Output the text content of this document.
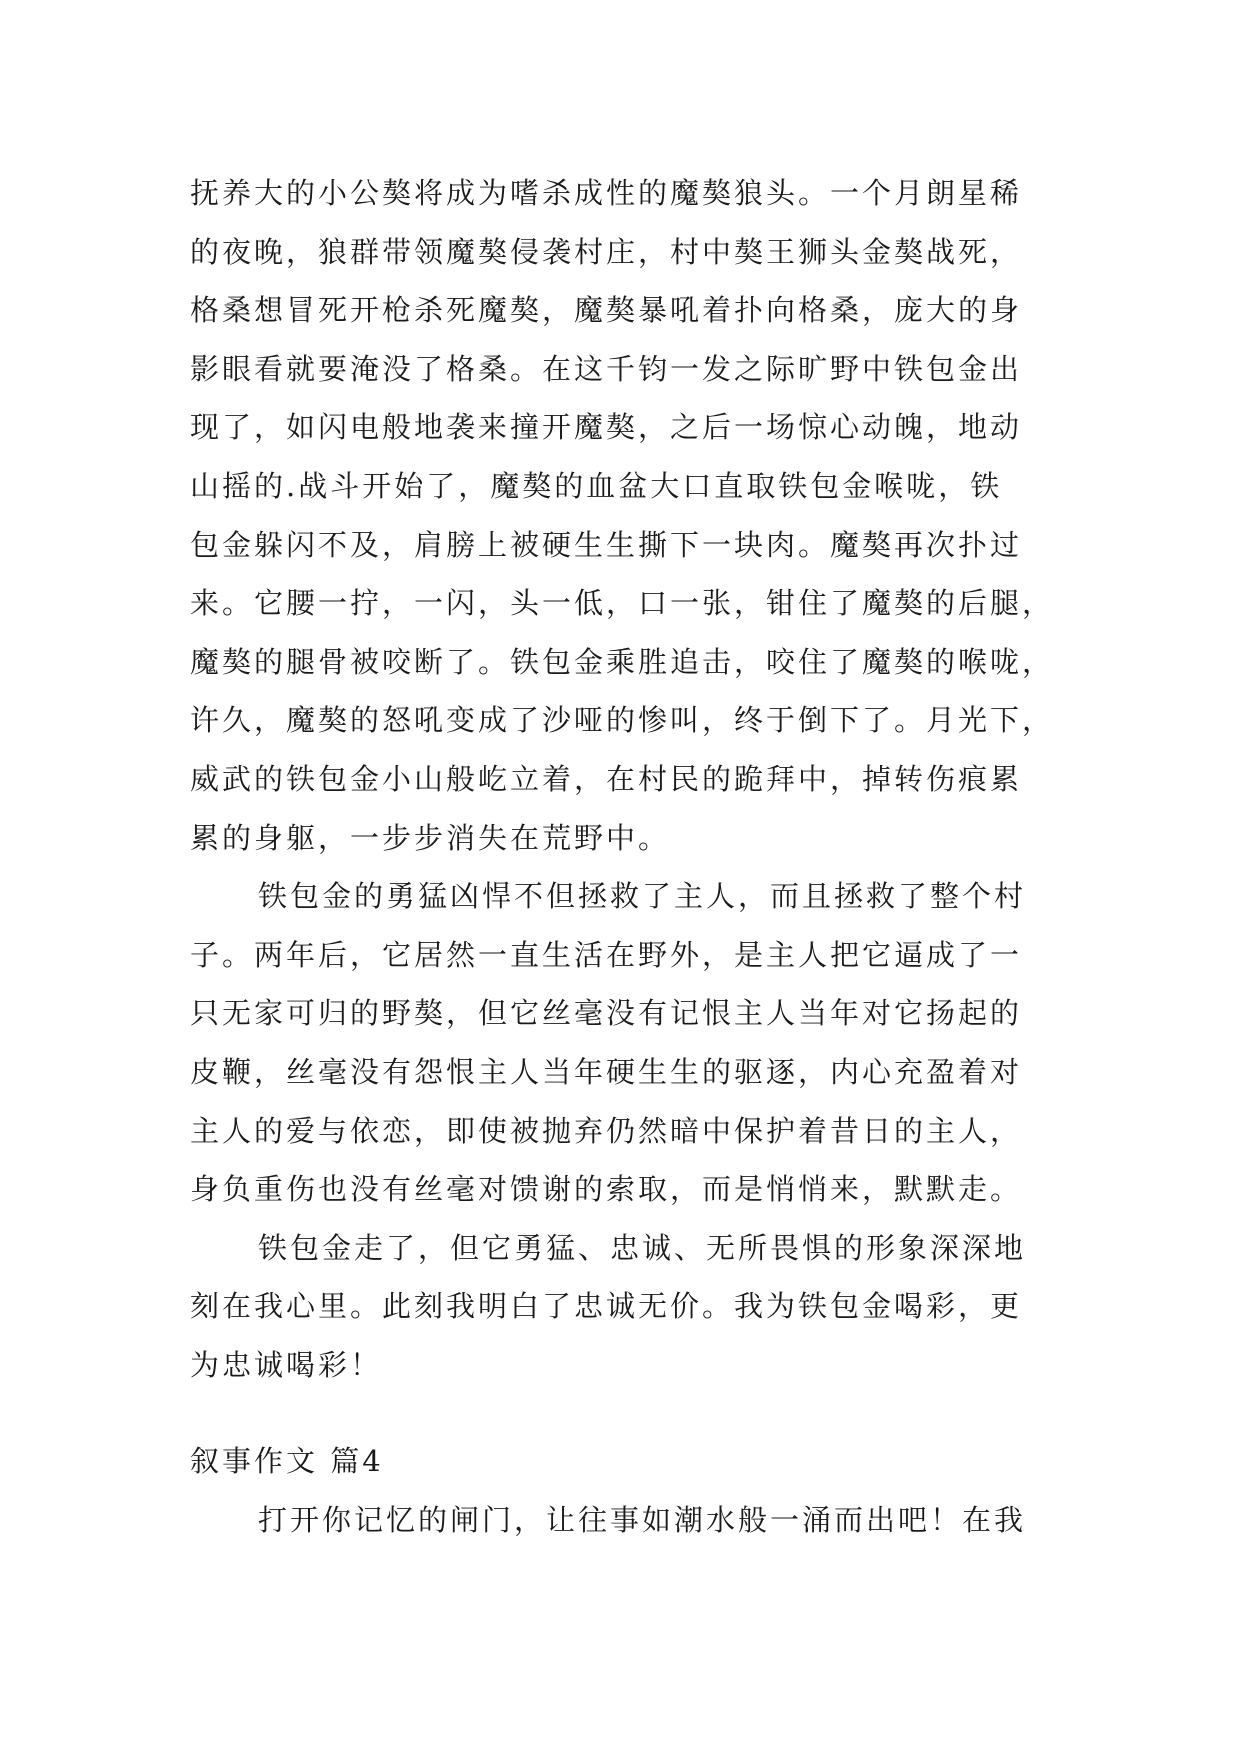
抚养大的小公獒将成为嗜杀成性的魔獒狼头。一个月朗星稀
的夜晚，狼群带领魔獒侵袭村庄，村中獒王狮头金獒战死，
格桑想冒死开枪杀死魔獒，魔獒暴吼着扑向格桑，庞大的身
影眼看就要淹没了格桑。在这千钧一发之际旷野中铁包金出
现了，如闪电般地袭来撞开魔獒，之后一场惊心动魄，地动
山摇的.战斗开始了，魔獒的血盆大口直取铁包金喉咙，铁
包金躲闪不及，肩膀上被硬生生撕下一块肉。魔獒再次扑过
来。它腰一拧，一闪，头一低，口一张，钳住了魔獒的后腿，
魔獒的腿骨被咬断了。铁包金乘胜追击，咬住了魔獒的喉咙，
许久，魔獒的怒吼变成了沙哑的惨叫，终于倒下了。月光下，
威武的铁包金小山般屹立着，在村民的跪拜中，掉转伤痕累
累的身躯，一步步消失在荒野中。
铁包金的勇猛凶悍不但拯救了主人，而且拯救了整个村
子。两年后，它居然一直生活在野外，是主人把它逼成了一
只无家可归的野獒，但它丝毫没有记恨主人当年对它扬起的
皮鞭，丝毫没有怨恨主人当年硬生生的驱逐，内心充盈着对
主人的爱与依恋，即使被抛弃仍然暗中保护着昔日的主人，
身负重伤也没有丝毫对馈谢的索取，而是悄悄来，默默走。
铁包金走了，但它勇猛、忠诚、无所畏惧的形象深深地
刻在我心里。此刻我明白了忠诚无价。我为铁包金喝彩，更
为忠诚喝彩！
叙事作文 篇4
打开你记忆的闸门，让往事如潮水般一涌而出吧！在我
